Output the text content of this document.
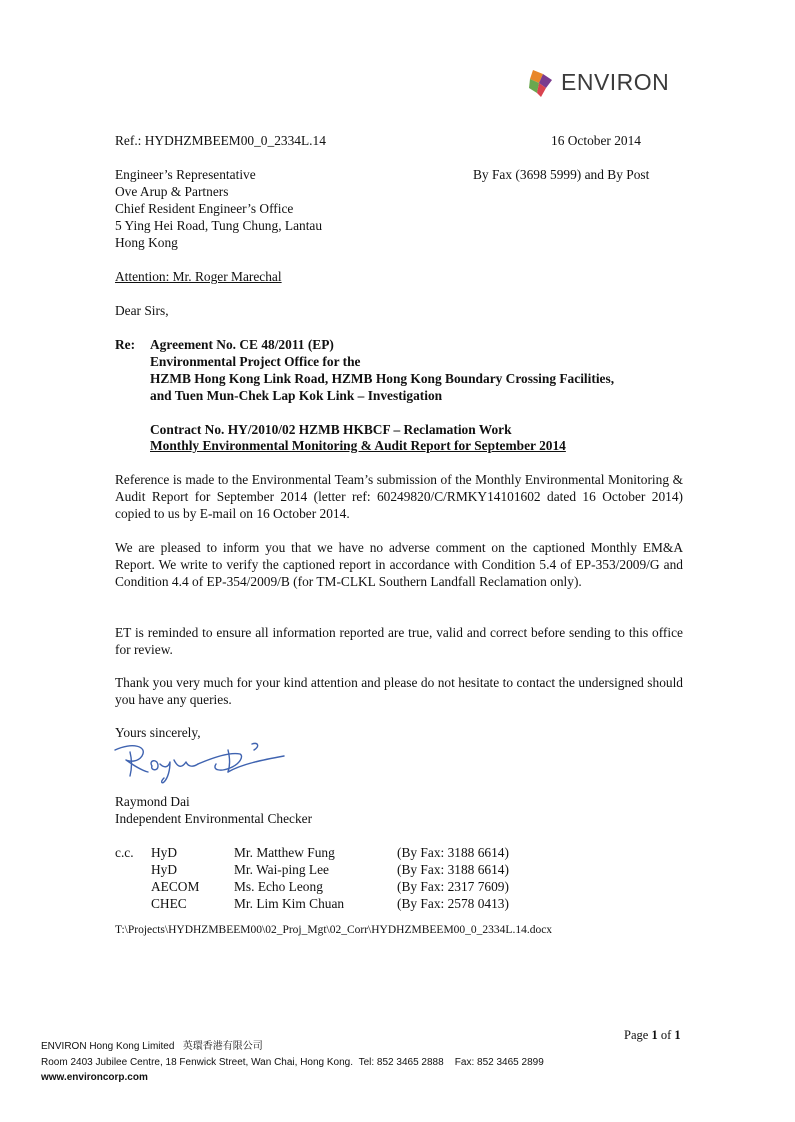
ENVIRON
Ref.: HYDHZMBEEM00_0_2334L.14	16 October 2014
Engineer’s Representative
Ove Arup & Partners
Chief Resident Engineer’s Office
5 Ying Hei Road, Tung Chung, Lantau
Hong Kong
By Fax (3698 5999) and By Post
Attention: Mr. Roger Marechal
Dear Sirs,
Re: Agreement No. CE 48/2011 (EP)
Environmental Project Office for the
HZMB Hong Kong Link Road, HZMB Hong Kong Boundary Crossing Facilities,
and Tuen Mun-Chek Lap Kok Link – Investigation
Contract No. HY/2010/02 HZMB HKBCF – Reclamation Work
Monthly Environmental Monitoring & Audit Report for September 2014
Reference is made to the Environmental Team’s submission of the Monthly Environmental Monitoring & Audit Report for September 2014 (letter ref: 60249820/C/RMKY14101602 dated 16 October 2014) copied to us by E-mail on 16 October 2014.
We are pleased to inform you that we have no adverse comment on the captioned Monthly EM&A Report. We write to verify the captioned report in accordance with Condition 5.4 of EP-353/2009/G and Condition 4.4 of EP-354/2009/B (for TM-CLKL Southern Landfall Reclamation only).
ET is reminded to ensure all information reported are true, valid and correct before sending to this office for review.
Thank you very much for your kind attention and please do not hesitate to contact the undersigned should you have any queries.
Yours sincerely,
Raymond Dai
Independent Environmental Checker
c.c. HyD	Mr. Matthew Fung	(By Fax: 3188 6614)
HyD	Mr. Wai-ping Lee	(By Fax: 3188 6614)
AECOM	Ms. Echo Leong	(By Fax: 2317 7609)
CHEC	Mr. Lim Kim Chuan	(By Fax: 2578 0413)
T:\Projects\HYDHZMBEEM00\02_Proj_Mgt\02_Corr\HYDHZMBEEM00_0_2334L.14.docx
Page 1 of 1
ENVIRON Hong Kong Limited 英環香港有限公司
Room 2403 Jubilee Centre, 18 Fenwick Street, Wan Chai, Hong Kong. Tel: 852 3465 2888 Fax: 852 3465 2899
www.environcorp.com
